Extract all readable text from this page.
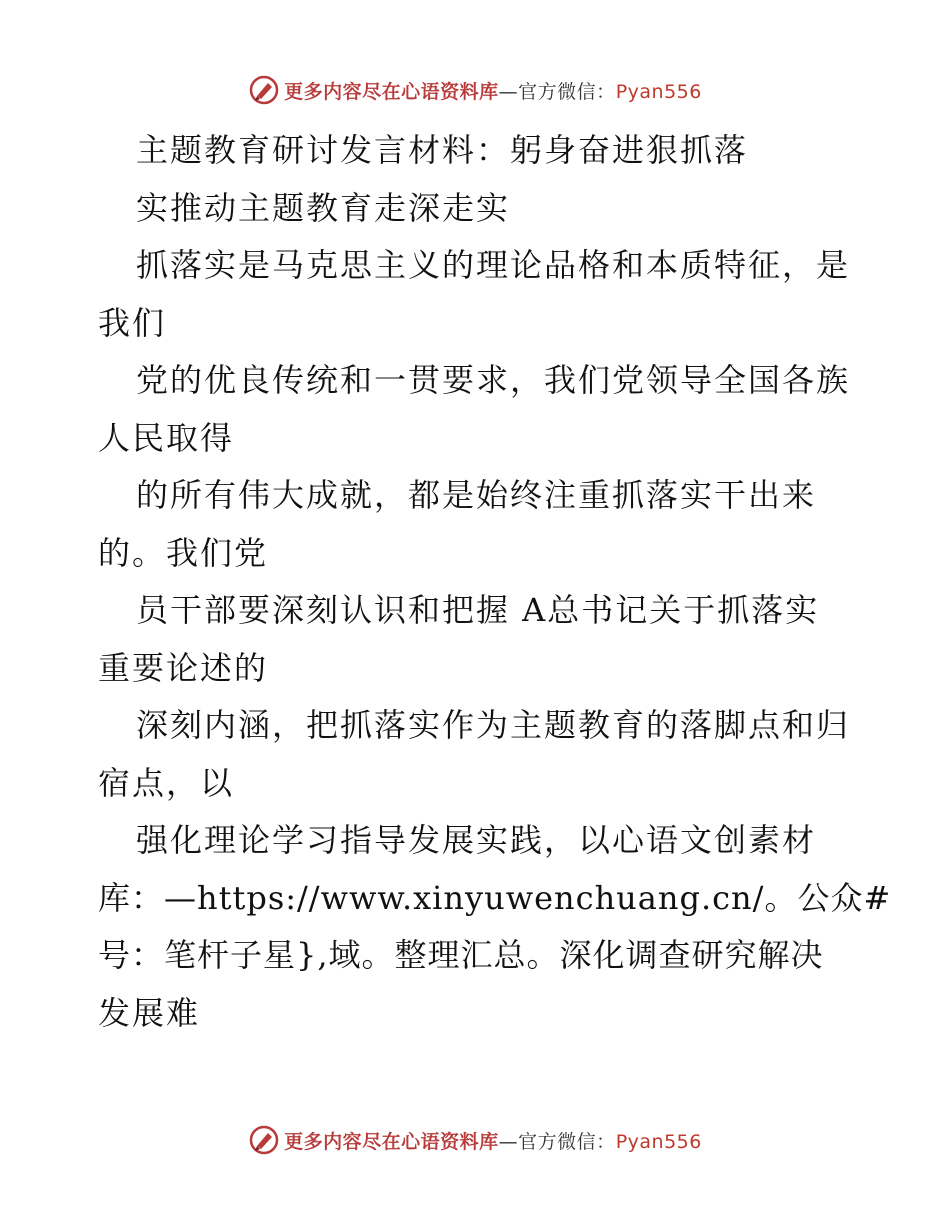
更多内容尽在心语资料库—官方微信：Pyan556
主题教育研讨发言材料：躬身奋进狠抓落
实推动主题教育走深走实
抓落实是马克思主义的理论品格和本质特征，是
我们
党的优良传统和一贯要求，我们党领导全国各族
人民取得
的所有伟大成就，都是始终注重抓落实干出来
的。我们党
员干部要深刻认识和把握 A总书记关于抓落实
重要论述的
深刻内涵，把抓落实作为主题教育的落脚点和归
宿点，以
强化理论学习指导发展实践，以心语文创素材
库：—https://www.xinyuwenchuang.cn/。公众#
号：笔杆子星},域。整理汇总。深化调查研究解决
发展难
更多内容尽在心语资料库—官方微信：Pyan556
